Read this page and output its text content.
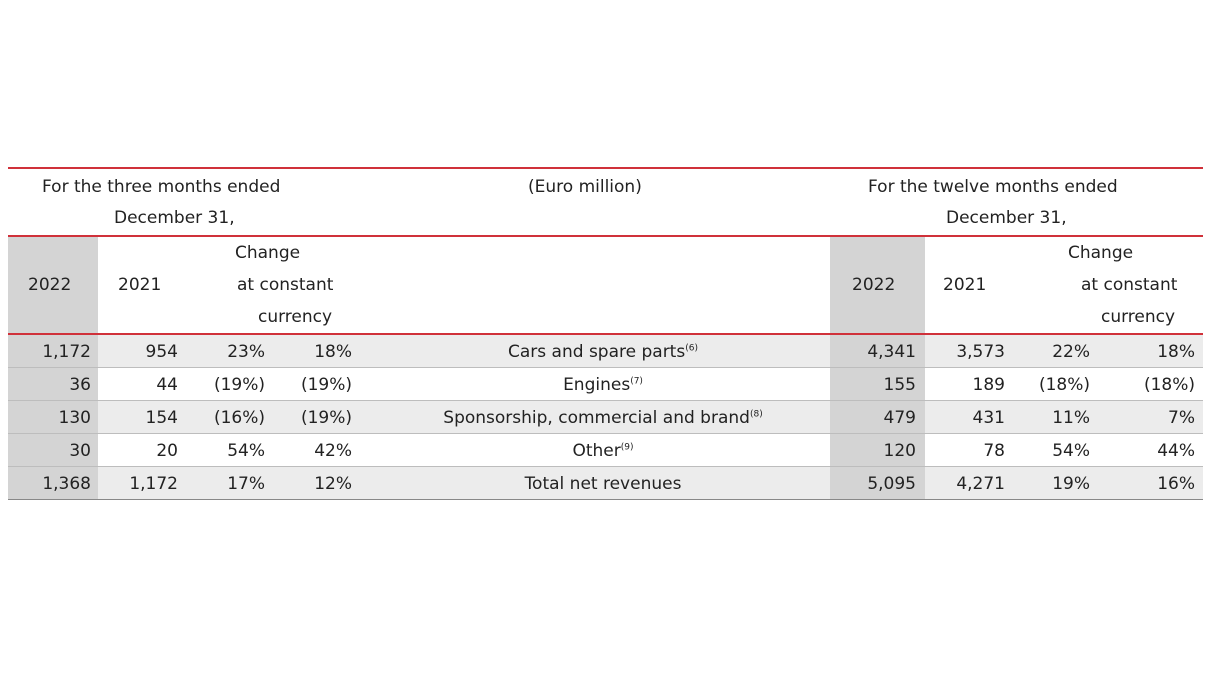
For the three months ended
December 31,
(Euro million)	For the twelve months ended
December 31,
2022	2021
Change
at constant
currency
2022	2021
Change
at constant
currency
1,172	954	23%	18%	Cars and spare parts$^{(6)}$	4,341 3,573	22%	18%
36	44 (19%) (19%)	Engines$^{(7)}$	155	189 (18%)	(18%)
130	154 (16%) (19%)	Sponsorship, commercial and brand$^{(8)}$	479	431	11%	7%
30	20	54%	42%	Other$^{(9)}$	120	78	54%	44%
1,368 1,172	17%	12%	Total net revenues	5,095 4,271	19%	16%
